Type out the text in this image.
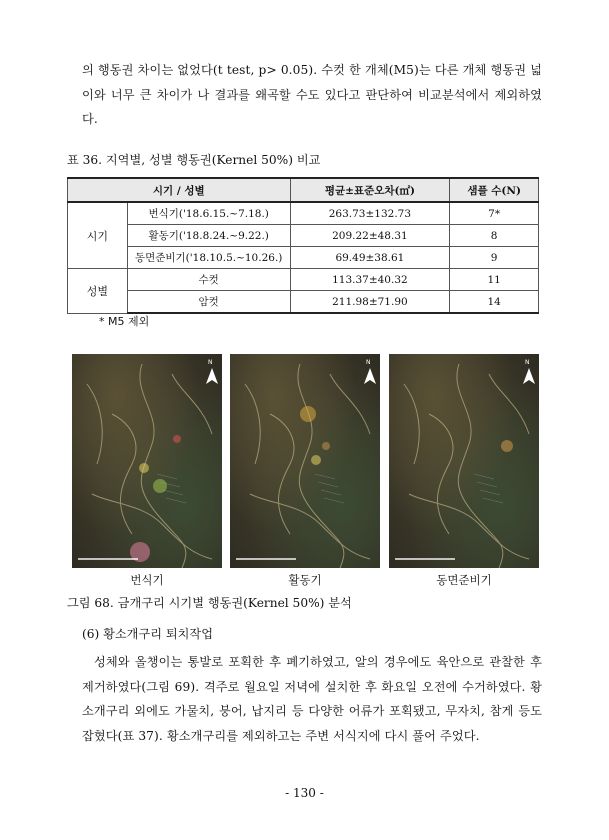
의 행동권 차이는 없었다(t test, p> 0.05). 수컷 한 개체(M5)는 다른 개체 행동권 넓이와 너무 큰 차이가 나 결과를 왜곡할 수도 있다고 판단하여 비교분석에서 제외하였다.

표 36. 지역별, 성별 행동권(Kernel 50%) 비교
시기 / 성별		평균±표준오차(㎡)	샘플 수(N)
시기	번식기('18.6.15.~7.18.)	263.73±132.73	7*
	활동기('18.8.24.~9.22.)	209.22±48.31	8
	동면준비기('18.10.5.~10.26.)	69.49±38.61	9
성별	수컷	113.37±40.32	11
	암컷	211.98±71.90	14
* M5 제외
N	N	N
번식기	활동기	동면준비기
그림 68. 금개구리 시기별 행동권(Kernel 50%) 분석
(6) 황소개구리 퇴치작업

성체와 올챙이는 통발로 포획한 후 폐기하였고, 알의 경우에도 육안으로 관찰한 후 제거하였다(그림 69). 격주로 월요일 저녁에 설치한 후 화요일 오전에 수거하였다. 황소개구리 외에도 가물치, 붕어, 납지리 등 다양한 어류가 포획됐고, 무자치, 참게 등도 잡혔다(표 37). 황소개구리를 제외하고는 주변 서식지에 다시 풀어 주었다.

- 130 -
